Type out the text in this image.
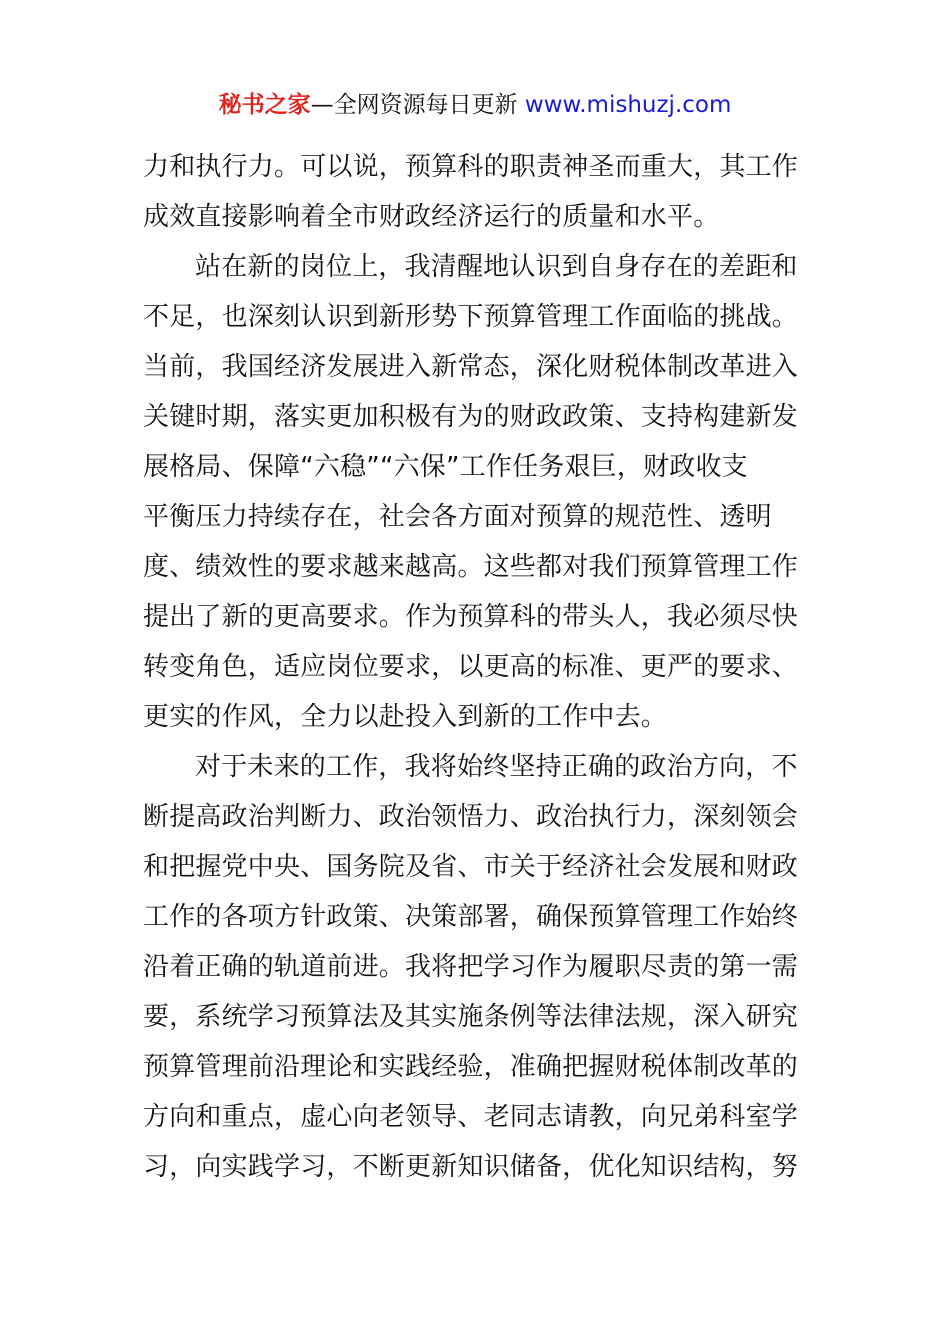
秘书之家—全网资源每日更新 www.mishuzj.com
力和执行力。可以说，预算科的职责神圣而重大，其工作
成效直接影响着全市财政经济运行的质量和水平。
站在新的岗位上，我清醒地认识到自身存在的差距和
不足，也深刻认识到新形势下预算管理工作面临的挑战。
当前，我国经济发展进入新常态，深化财税体制改革进入
关键时期，落实更加积极有为的财政政策、支持构建新发
展格局、保障“六稳”“六保”工作任务艰巨，财政收支
平衡压力持续存在，社会各方面对预算的规范性、透明
度、绩效性的要求越来越高。这些都对我们预算管理工作
提出了新的更高要求。作为预算科的带头人，我必须尽快
转变角色，适应岗位要求，以更高的标准、更严的要求、
更实的作风，全力以赴投入到新的工作中去。
对于未来的工作，我将始终坚持正确的政治方向，不
断提高政治判断力、政治领悟力、政治执行力，深刻领会
和把握党中央、国务院及省、市关于经济社会发展和财政
工作的各项方针政策、决策部署，确保预算管理工作始终
沿着正确的轨道前进。我将把学习作为履职尽责的第一需
要，系统学习预算法及其实施条例等法律法规，深入研究
预算管理前沿理论和实践经验，准确把握财税体制改革的
方向和重点，虚心向老领导、老同志请教，向兄弟科室学
习，向实践学习，不断更新知识储备，优化知识结构，努
